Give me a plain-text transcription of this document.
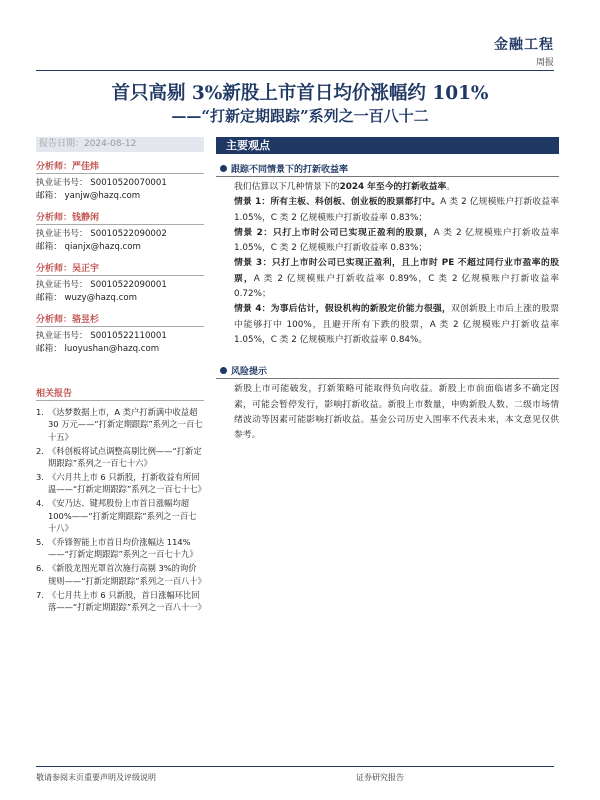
金融工程
周报
首只高剔 3%新股上市首日均价涨幅约 101%
——“打新定期跟踪”系列之一百八十二
报告日期：2024-08-12
分析师：严佳炜
执业证书号： S0010520070001
邮箱： yanjw@hazq.com
分析师：钱静闲
执业证书号： S0010522090002
邮箱： qianjx@hazq.com
分析师：吴正宇
执业证书号： S0010522090001
邮箱： wuzy@hazq.com
分析师：骆昱杉
执业证书号： S0010522110001
邮箱： luoyushan@hazq.com
相关报告
1. 《达梦数据上市，A 类户打新满中收益超 30 万元——“打新定期跟踪”系列之一百七十五》
2. 《科创板将试点调整高剔比例——“打新定期跟踪”系列之一百七十六》
3. 《六月共上市 6 只新股，打新收益有所回温——“打新定期跟踪”系列之一百七十七》
4. 《安乃达、键邦股份上市首日涨幅均超 100%——“打新定期跟踪”系列之一百七十八》
5. 《乔锋智能上市首日均价涨幅达 114%——“打新定期跟踪”系列之一百七十九》
6. 《新股龙图光罩首次施行高剔 3%的询价规则——“打新定期跟踪”系列之一百八十》
7. 《七月共上市 6 只新股，首日涨幅环比回落——“打新定期跟踪”系列之一百八十一》
主要观点
跟踪不同情景下的打新收益率

我们估算以下几种情景下的2024 年至今的打新收益率。

情景 1：所有主板、科创板、创业板的股票都打中。A 类 2 亿规模账户打新收益率 1.05%，C 类 2 亿规模账户打新收益率 0.83%；

情景 2：只打上市时公司已实现正盈利的股票，A 类 2 亿规模账户打新收益率 1.05%，C 类 2 亿规模账户打新收益率 0.83%；

情景 3：只打上市时公司已实现正盈利，且上市时 PE 不超过同行业市盈率的股票，A 类 2 亿规模账户打新收益率 0.89%，C 类 2 亿规模账户打新收益率 0.72%；

情景 4：为事后估计，假设机构的新股定价能力很强，双创新股上市后上涨的股票中能够打中 100%，且避开所有下跌的股票，A 类 2 亿规模账户打新收益率 1.05%，C 类 2 亿规模账户打新收益率 0.84%。

风险提示

新股上市可能破发，打新策略可能取得负向收益。新股上市前面临诸多不确定因素，可能会暂停发行，影响打新收益。新股上市数量，申购新股人数、二级市场情绪波动等因素可能影响打新收益。基金公司历史入围率不代表未来，本文意见仅供参考。

敬请参阅末页重要声明及评级说明	证券研究报告
